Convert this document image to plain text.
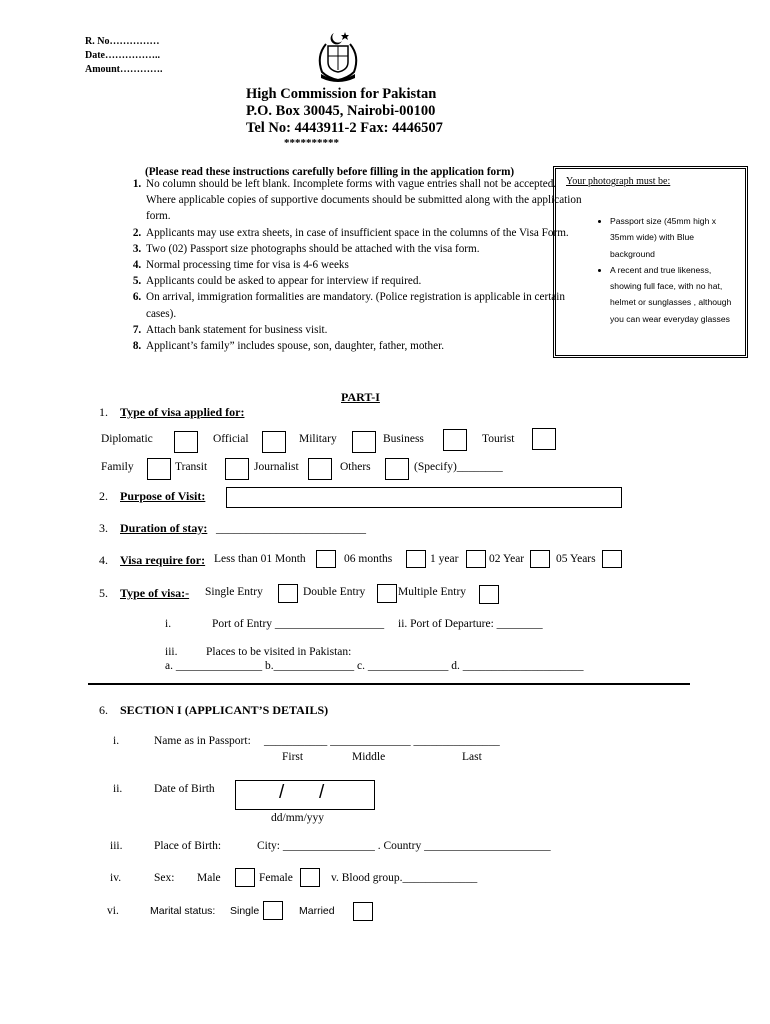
R. No……………
Date……………..
Amount………….
High Commission for Pakistan
P.O. Box 30045, Nairobi-00100
Tel No: 4443911-2 Fax: 4446507
**********
(Please read these instructions carefully before filling in the application form)
1. No column should be left blank. Incomplete forms with vague entries shall not be accepted. Where applicable copies of supportive documents should be submitted along with the application form.
2. Applicants may use extra sheets, in case of insufficient space in the columns of the Visa Form.
3. Two (02) Passport size photographs should be attached with the visa form.
4. Normal processing time for visa is 4-6 weeks
5. Applicants could be asked to appear for interview if required.
6. On arrival, immigration formalities are mandatory. (Police registration is applicable in certain cases).
7. Attach bank statement for business visit.
8. Applicant’s family” includes spouse, son, daughter, father, mother.
Your photograph must be:
• Passport size (45mm high x 35mm wide) with Blue background
• A recent and true likeness, showing full face, with no hat, helmet or sunglasses , although you can wear everyday glasses
PART-I
1. Type of visa applied for:
Diplomatic	Official	Military	Business	Tourist
Family	Transit	Journalist	Others	(Specify)________
2. Purpose of Visit:
3. Duration of stay: _________________________
4. Visa require for: Less than 01 Month	06 months	1 year	02 Year	05 Years
5. Type of visa:- Single Entry	Double Entry	Multiple Entry
i.	Port of Entry ___________________ ii. Port of Departure: ________
iii. Places to be visited in Pakistan:
a. _______________ b.______________ c. ______________ d. _____________________
6. SECTION I (APPLICANT’S DETAILS)
i.	Name as in Passport: ___________ ______________ _______________
First	Middle	Last
ii.	Date of Birth	/ /
dd/mm/yyy
iii.	Place of Birth:	City: ________________ . Country ______________________
iv.	Sex: Male	Female	v. Blood group._____________
vi.	Marital status: Single	Married
